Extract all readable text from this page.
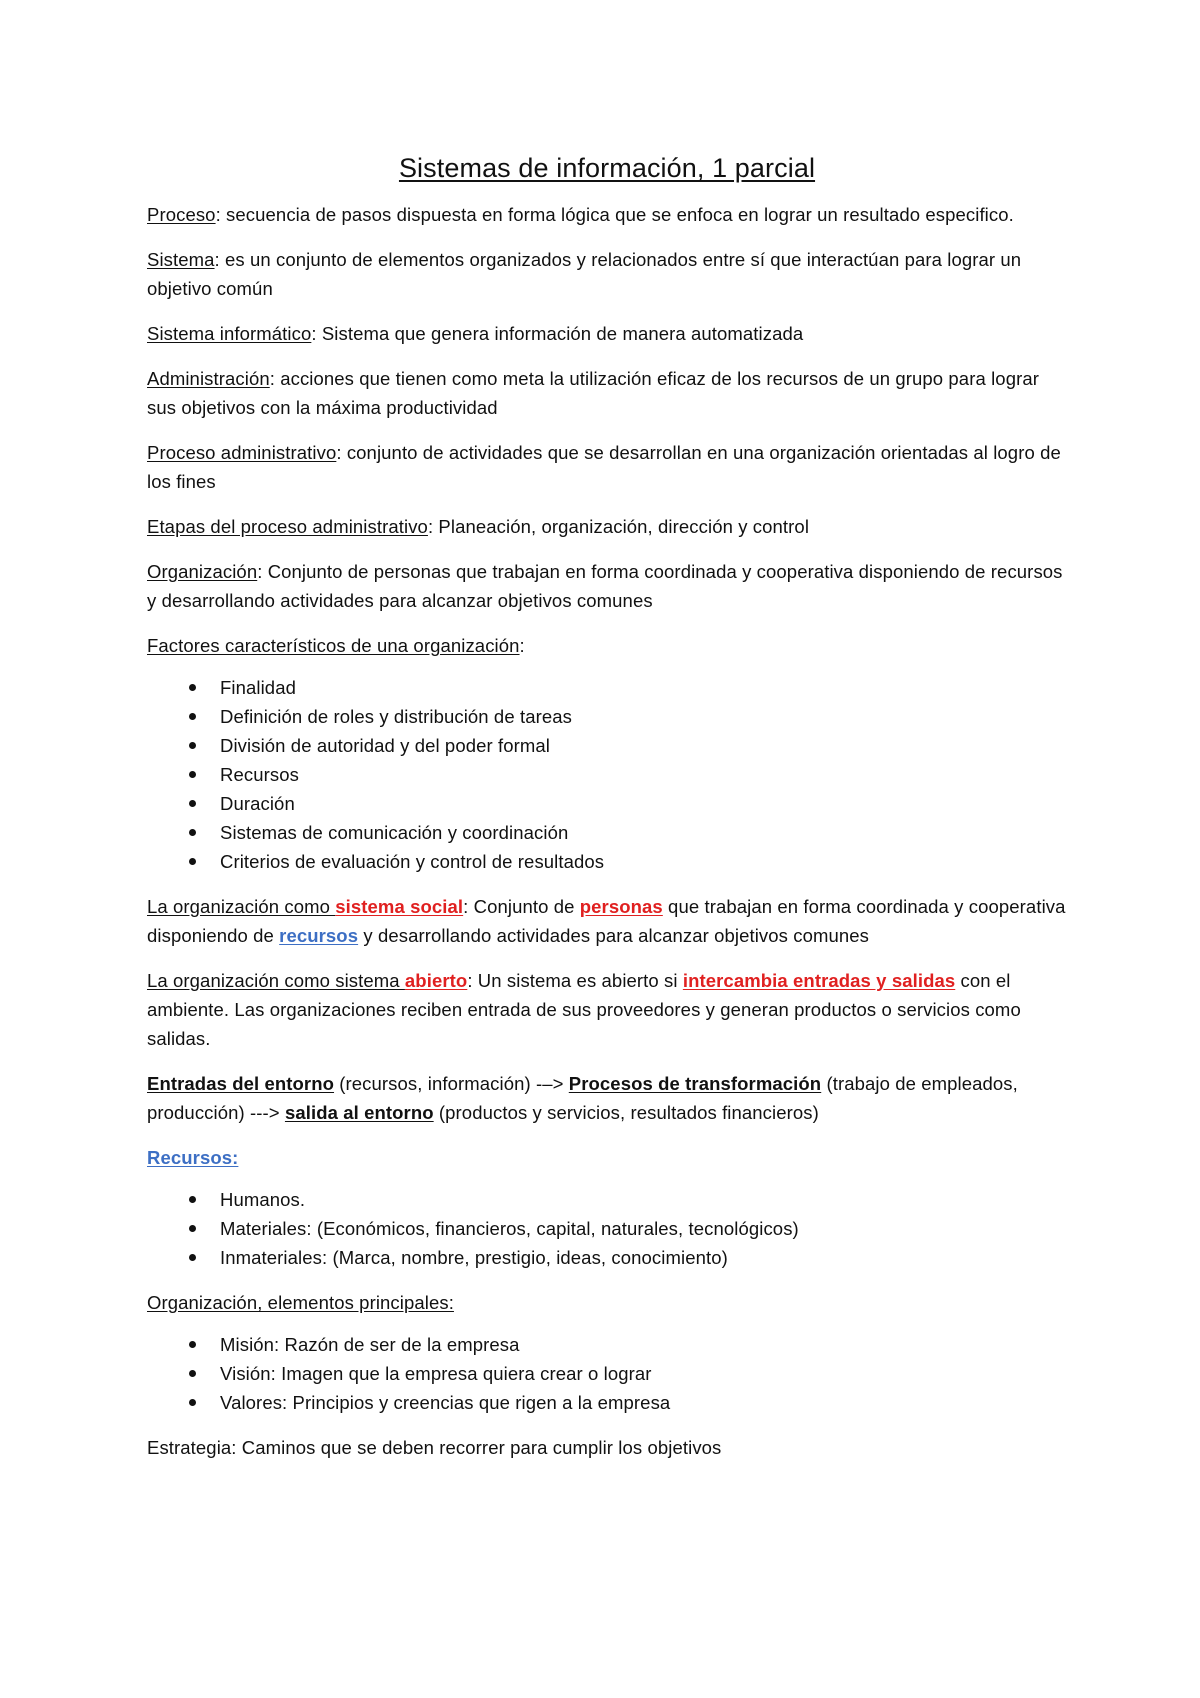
Sistemas de información, 1 parcial

Proceso: secuencia de pasos dispuesta en forma lógica que se enfoca en lograr un resultado especifico.

Sistema: es un conjunto de elementos organizados y relacionados entre sí que interactúan para lograr un objetivo común

Sistema informático: Sistema que genera información de manera automatizada

Administración: acciones que tienen como meta la utilización eficaz de los recursos de un grupo para lograr sus objetivos con la máxima productividad

Proceso administrativo: conjunto de actividades que se desarrollan en una organización orientadas al logro de los fines

Etapas del proceso administrativo: Planeación, organización, dirección y control

Organización: Conjunto de personas que trabajan en forma coordinada y cooperativa disponiendo de recursos y desarrollando actividades para alcanzar objetivos comunes

Factores característicos de una organización:

Finalidad
Definición de roles y distribución de tareas
División de autoridad y del poder formal
Recursos
Duración
Sistemas de comunicación y coordinación
Criterios de evaluación y control de resultados

La organización como sistema social: Conjunto de personas que trabajan en forma coordinada y cooperativa disponiendo de recursos y desarrollando actividades para alcanzar objetivos comunes

La organización como sistema abierto: Un sistema es abierto si intercambia entradas y salidas con el ambiente. Las organizaciones reciben entrada de sus proveedores y generan productos o servicios como salidas.

Entradas del entorno (recursos, información) -–> Procesos de transformación (trabajo de empleados, producción) ---> salida al entorno (productos y servicios, resultados financieros)

Recursos:

Humanos.
Materiales: (Económicos, financieros, capital, naturales, tecnológicos)
Inmateriales: (Marca, nombre, prestigio, ideas, conocimiento)

Organización, elementos principales:

Misión: Razón de ser de la empresa
Visión: Imagen que la empresa quiera crear o lograr
Valores: Principios y creencias que rigen a la empresa

Estrategia: Caminos que se deben recorrer para cumplir los objetivos
